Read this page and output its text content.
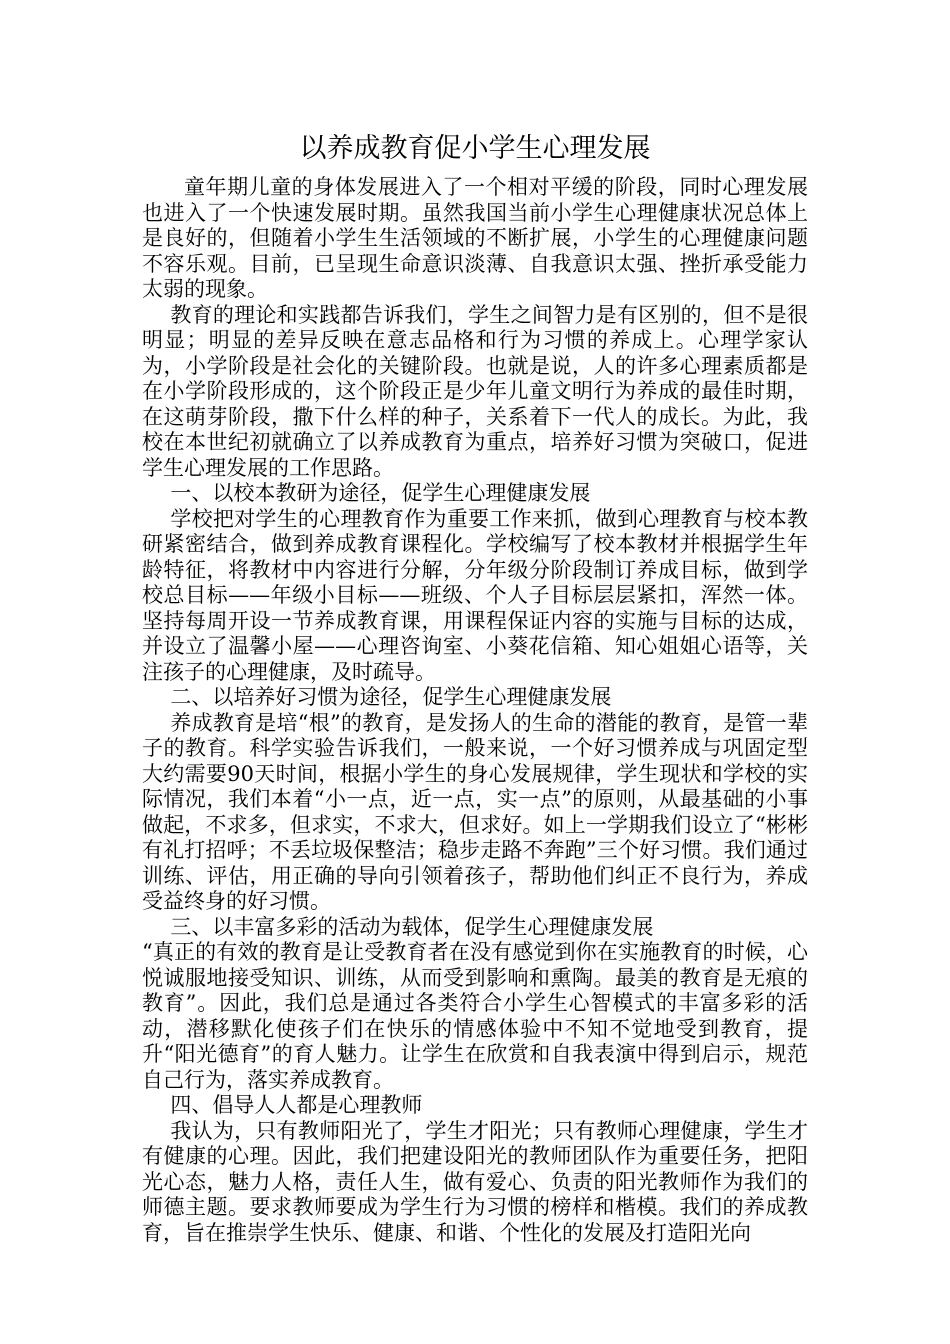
以养成教育促小学生心理发展

童年期儿童的身体发展进入了一个相对平缓的阶段，同时心理发展也进入了一个快速发展时期。虽然我国当前小学生心理健康状况总体上是良好的，但随着小学生生活领域的不断扩展，小学生的心理健康问题不容乐观。目前，已呈现生命意识淡薄、自我意识太强、挫折承受能力太弱的现象。

教育的理论和实践都告诉我们，学生之间智力是有区别的，但不是很明显；明显的差异反映在意志品格和行为习惯的养成上。心理学家认为，小学阶段是社会化的关键阶段。也就是说，人的许多心理素质都是在小学阶段形成的，这个阶段正是少年儿童文明行为养成的最佳时期，在这萌芽阶段，撒下什么样的种子，关系着下一代人的成长。为此，我校在本世纪初就确立了以养成教育为重点，培养好习惯为突破口，促进学生心理发展的工作思路。

一、以校本教研为途径，促学生心理健康发展

学校把对学生的心理教育作为重要工作来抓，做到心理教育与校本教研紧密结合，做到养成教育课程化。学校编写了校本教材并根据学生年龄特征，将教材中内容进行分解，分年级分阶段制订养成目标，做到学校总目标——年级小目标——班级、个人子目标层层紧扣，浑然一体。坚持每周开设一节养成教育课，用课程保证内容的实施与目标的达成，并设立了温馨小屋——心理咨询室、小葵花信箱、知心姐姐心语等，关注孩子的心理健康，及时疏导。

二、以培养好习惯为途径，促学生心理健康发展

养成教育是培“根”的教育，是发扬人的生命的潜能的教育，是管一辈子的教育。科学实验告诉我们，一般来说，一个好习惯养成与巩固定型大约需要90天时间，根据小学生的身心发展规律，学生现状和学校的实际情况，我们本着“小一点，近一点，实一点”的原则，从最基础的小事做起，不求多，但求实，不求大，但求好。如上一学期我们设立了“彬彬有礼打招呼；不丢垃圾保整洁；稳步走路不奔跑”三个好习惯。我们通过训练、评估，用正确的导向引领着孩子，帮助他们纠正不良行为，养成受益终身的好习惯。

三、以丰富多彩的活动为载体，促学生心理健康发展

“真正的有效的教育是让受教育者在没有感觉到你在实施教育的时候，心悦诚服地接受知识、训练，从而受到影响和熏陶。最美的教育是无痕的教育”。因此，我们总是通过各类符合小学生心智模式的丰富多彩的活动，潜移默化使孩子们在快乐的情感体验中不知不觉地受到教育，提升“阳光德育”的育人魅力。让学生在欣赏和自我表演中得到启示，规范自己行为，落实养成教育。

四、倡导人人都是心理教师

我认为，只有教师阳光了，学生才阳光；只有教师心理健康，学生才有健康的心理。因此，我们把建设阳光的教师团队作为重要任务，把阳光心态，魅力人格，责任人生，做有爱心、负责的阳光教师作为我们的师德主题。要求教师要成为学生行为习惯的榜样和楷模。我们的养成教育，旨在推崇学生快乐、健康、和谐、个性化的发展及打造阳光向
